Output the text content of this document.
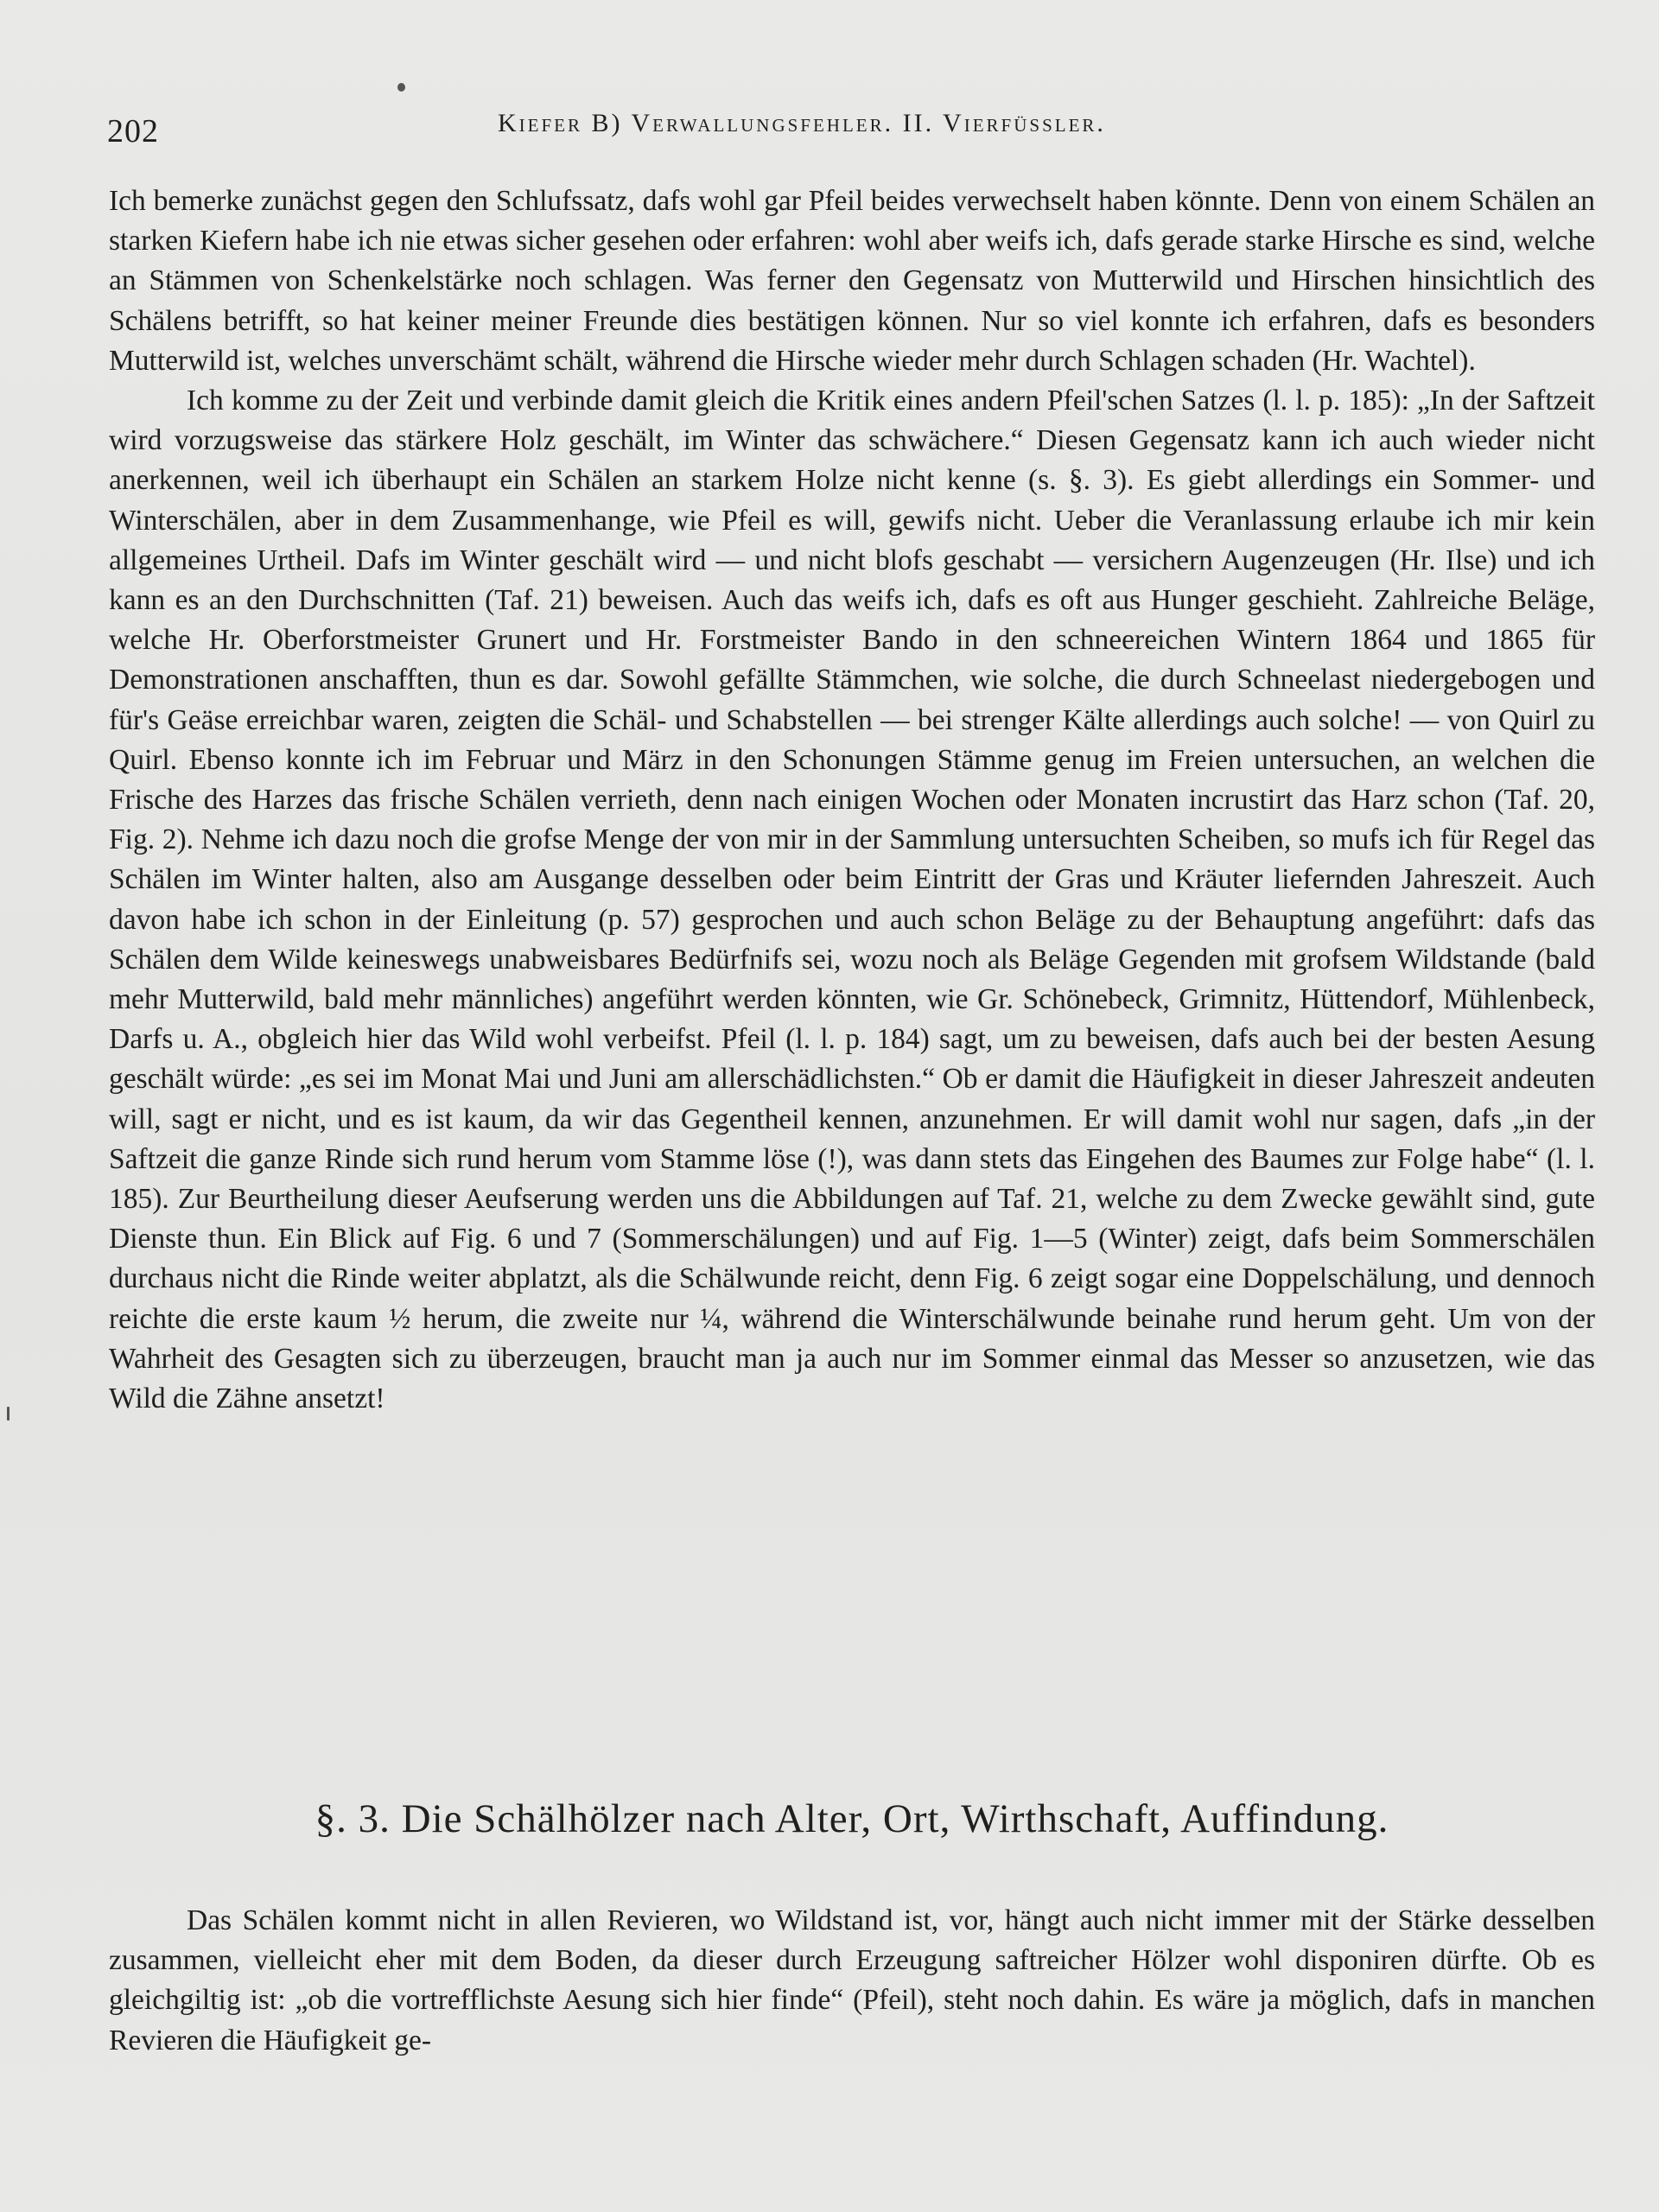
202	Kiefer B) Verwallungsfehler. II. Vierfüssler.

Ich bemerke zunächst gegen den Schlufssatz, dafs wohl gar Pfeil beides verwechselt haben könnte. Denn von einem Schälen an starken Kiefern habe ich nie etwas sicher gesehen oder erfahren: wohl aber weifs ich, dafs gerade starke Hirsche es sind, welche an Stämmen von Schenkelstärke noch schlagen. Was ferner den Gegensatz von Mutterwild und Hirschen hinsichtlich des Schälens betrifft, so hat keiner meiner Freunde dies bestätigen können. Nur so viel konnte ich erfahren, dafs es besonders Mutterwild ist, welches unverschämt schält, während die Hirsche wieder mehr durch Schlagen schaden (Hr. Wachtel).

Ich komme zu der Zeit und verbinde damit gleich die Kritik eines andern Pfeil'schen Satzes (l. l. p. 185): „In der Saftzeit wird vorzugsweise das stärkere Holz geschält, im Winter das schwächere.“ Diesen Gegensatz kann ich auch wieder nicht anerkennen, weil ich überhaupt ein Schälen an starkem Holze nicht kenne (s. §. 3). Es giebt allerdings ein Sommer- und Winterschälen, aber in dem Zusammenhange, wie Pfeil es will, gewifs nicht. Ueber die Veranlassung erlaube ich mir kein allgemeines Urtheil. Dafs im Winter geschält wird — und nicht blofs geschabt — versichern Augenzeugen (Hr. Ilse) und ich kann es an den Durchschnitten (Taf. 21) beweisen. Auch das weifs ich, dafs es oft aus Hunger geschieht. Zahlreiche Beläge, welche Hr. Oberforstmeister Grunert und Hr. Forstmeister Bando in den schneereichen Wintern 1864 und 1865 für Demonstrationen anschafften, thun es dar. Sowohl gefällte Stämmchen, wie solche, die durch Schneelast niedergebogen und für's Geäse erreichbar waren, zeigten die Schäl- und Schabstellen — bei strenger Kälte allerdings auch solche! — von Quirl zu Quirl. Ebenso konnte ich im Februar und März in den Schonungen Stämme genug im Freien untersuchen, an welchen die Frische des Harzes das frische Schälen verrieth, denn nach einigen Wochen oder Monaten incrustirt das Harz schon (Taf. 20, Fig. 2). Nehme ich dazu noch die grofse Menge der von mir in der Sammlung untersuchten Scheiben, so mufs ich für Regel das Schälen im Winter halten, also am Ausgange desselben oder beim Eintritt der Gras und Kräuter liefernden Jahreszeit. Auch davon habe ich schon in der Einleitung (p. 57) gesprochen und auch schon Beläge zu der Behauptung angeführt: dafs das Schälen dem Wilde keineswegs unabweisbares Bedürfnifs sei, wozu noch als Beläge Gegenden mit grofsem Wildstande (bald mehr Mutterwild, bald mehr männliches) angeführt werden könnten, wie Gr. Schönebeck, Grimnitz, Hüttendorf, Mühlenbeck, Darfs u. A., obgleich hier das Wild wohl verbeifst. Pfeil (l. l. p. 184) sagt, um zu beweisen, dafs auch bei der besten Aesung geschält würde: „es sei im Monat Mai und Juni am allerschädlichsten.“ Ob er damit die Häufigkeit in dieser Jahreszeit andeuten will, sagt er nicht, und es ist kaum, da wir das Gegentheil kennen, anzunehmen. Er will damit wohl nur sagen, dafs „in der Saftzeit die ganze Rinde sich rund herum vom Stamme löse (!), was dann stets das Eingehen des Baumes zur Folge habe“ (l. l. 185). Zur Beurtheilung dieser Aeufserung werden uns die Abbildungen auf Taf. 21, welche zu dem Zwecke gewählt sind, gute Dienste thun. Ein Blick auf Fig. 6 und 7 (Sommerschälungen) und auf Fig. 1—5 (Winter) zeigt, dafs beim Sommerschälen durchaus nicht die Rinde weiter abplatzt, als die Schälwunde reicht, denn Fig. 6 zeigt sogar eine Doppelschälung, und dennoch reichte die erste kaum ½ herum, die zweite nur ¼, während die Winterschälwunde beinahe rund herum geht. Um von der Wahrheit des Gesagten sich zu überzeugen, braucht man ja auch nur im Sommer einmal das Messer so anzusetzen, wie das Wild die Zähne ansetzt!

§. 3. Die Schälhölzer nach Alter, Ort, Wirthschaft, Auffindung.

Das Schälen kommt nicht in allen Revieren, wo Wildstand ist, vor, hängt auch nicht immer mit der Stärke desselben zusammen, vielleicht eher mit dem Boden, da dieser durch Erzeugung saftreicher Hölzer wohl disponiren dürfte. Ob es gleichgiltig ist: „ob die vortrefflichste Aesung sich hier finde“ (Pfeil), steht noch dahin. Es wäre ja möglich, dafs in manchen Revieren die Häufigkeit ge-
